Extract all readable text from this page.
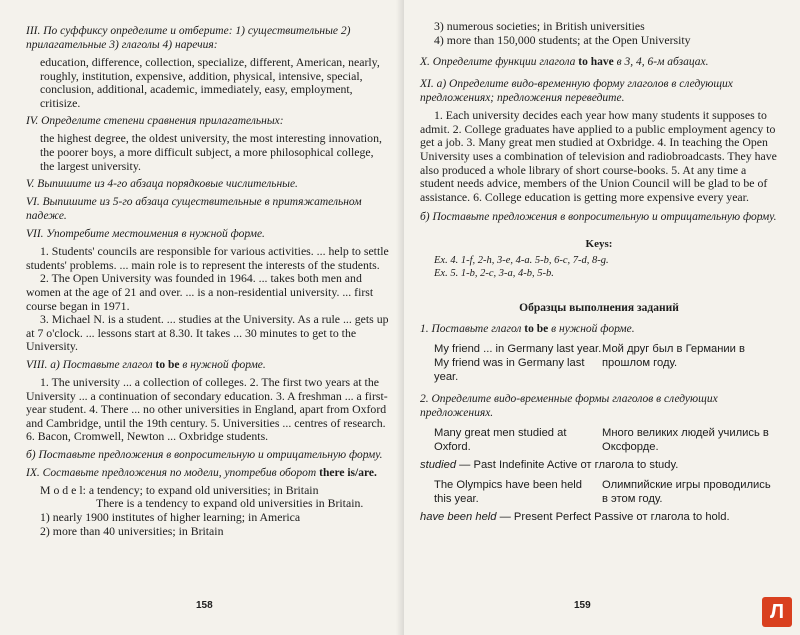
III. По суффиксу определите и отберите: 1) существительные 2) прилагательные 3) глаголы 4) наречия:

education, difference, collection, specialize, different, American, nearly, roughly, institution, expensive, addition, physical, intensive, special, conclusion, additional, academic, immediately, easy, employment, critisize.

IV. Определите степени сравнения прилагательных:

the highest degree, the oldest university, the most interesting innovation, the poorer boys, a more difficult subject, a more philosophical college, the largest university.

V. Выпишите из 4-го абзаца порядковые числительные.

VI. Выпишите из 5-го абзаца существительные в притяжательном падеже.

VII. Употребите местоимения в нужной форме.

1. Students' councils are responsible for various activities. ... help to settle students' problems. ... main role is to represent the interests of the students.

2. The Open University was founded in 1964. ... takes both men and women at the age of 21 and over. ... is a non-residential university. ... first course began in 1971.

3. Michael N. is a student. ... studies at the University. As a rule ... gets up at 7 o'clock. ... lessons start at 8.30. It takes ... 30 minutes to get to the University.

VIII. а) Поставьте глагол to be в нужной форме.

1. The university ... a collection of colleges. 2. The first two years at the University ... a continuation of secondary education. 3. A freshman ... a first-year student. 4. There ... no other universities in England, apart from Oxford and Cambridge, until the 19th century. 5. Universities ... centres of research. 6. Bacon, Cromwell, Newton ... Oxbridge students.

б) Поставьте предложения в вопросительную и отрицательную форму.

IX. Составьте предложения по модели, употребив оборот there is/are.

М о d е l: a tendency; to expand old universities; in Britain

There is a tendency to expand old universities in Britain.

1) nearly 1900 institutes of higher learning; in America
2) more than 40 universities; in Britain
158
3) numerous societies; in British universities
4) more than 150,000 students; at the Open University

X. Определите функции глагола to have в 3, 4, 6-м абзацах.

XI. а) Определите видо-временную форму глаголов в следующих предложениях; предложения переведите.

1. Each university decides each year how many students it supposes to admit. 2. College graduates have applied to a public employment agency to get a job. 3. Many great men studied at Oxbridge. 4. In teaching the Open University uses a combination of television and radiobroadcasts. They have also produced a whole library of short course-books. 5. At any time a student needs advice, members of the Union Council will be glad to be of assistance. 6. College education is getting more expensive every year.

б) Поставьте предложения в вопросительную и отрицательную форму.

Keys:

Ex. 4. 1-f, 2-h, 3-e, 4-a. 5-b, 6-c, 7-d, 8-g.

Ex. 5. 1-b, 2-c, 3-a, 4-b, 5-b.

Образцы выполнения заданий

1. Поставьте глагол to be в нужной форме.

My friend ... in Germany last year. My friend was in Germany last year.
Мой друг был в Германии в прошлом году.

2. Определите видо-временные формы глаголов в следующих предложениях.

Many great men studied at Oxford.
Много великих людей учились в Оксфорде.

studied — Past Indefinite Active от глагола to study.

The Olympics have been held this year.
Олимпийские игры проводились в этом году.

have been held — Present Perfect Passive от глагола to hold.

159	Л
